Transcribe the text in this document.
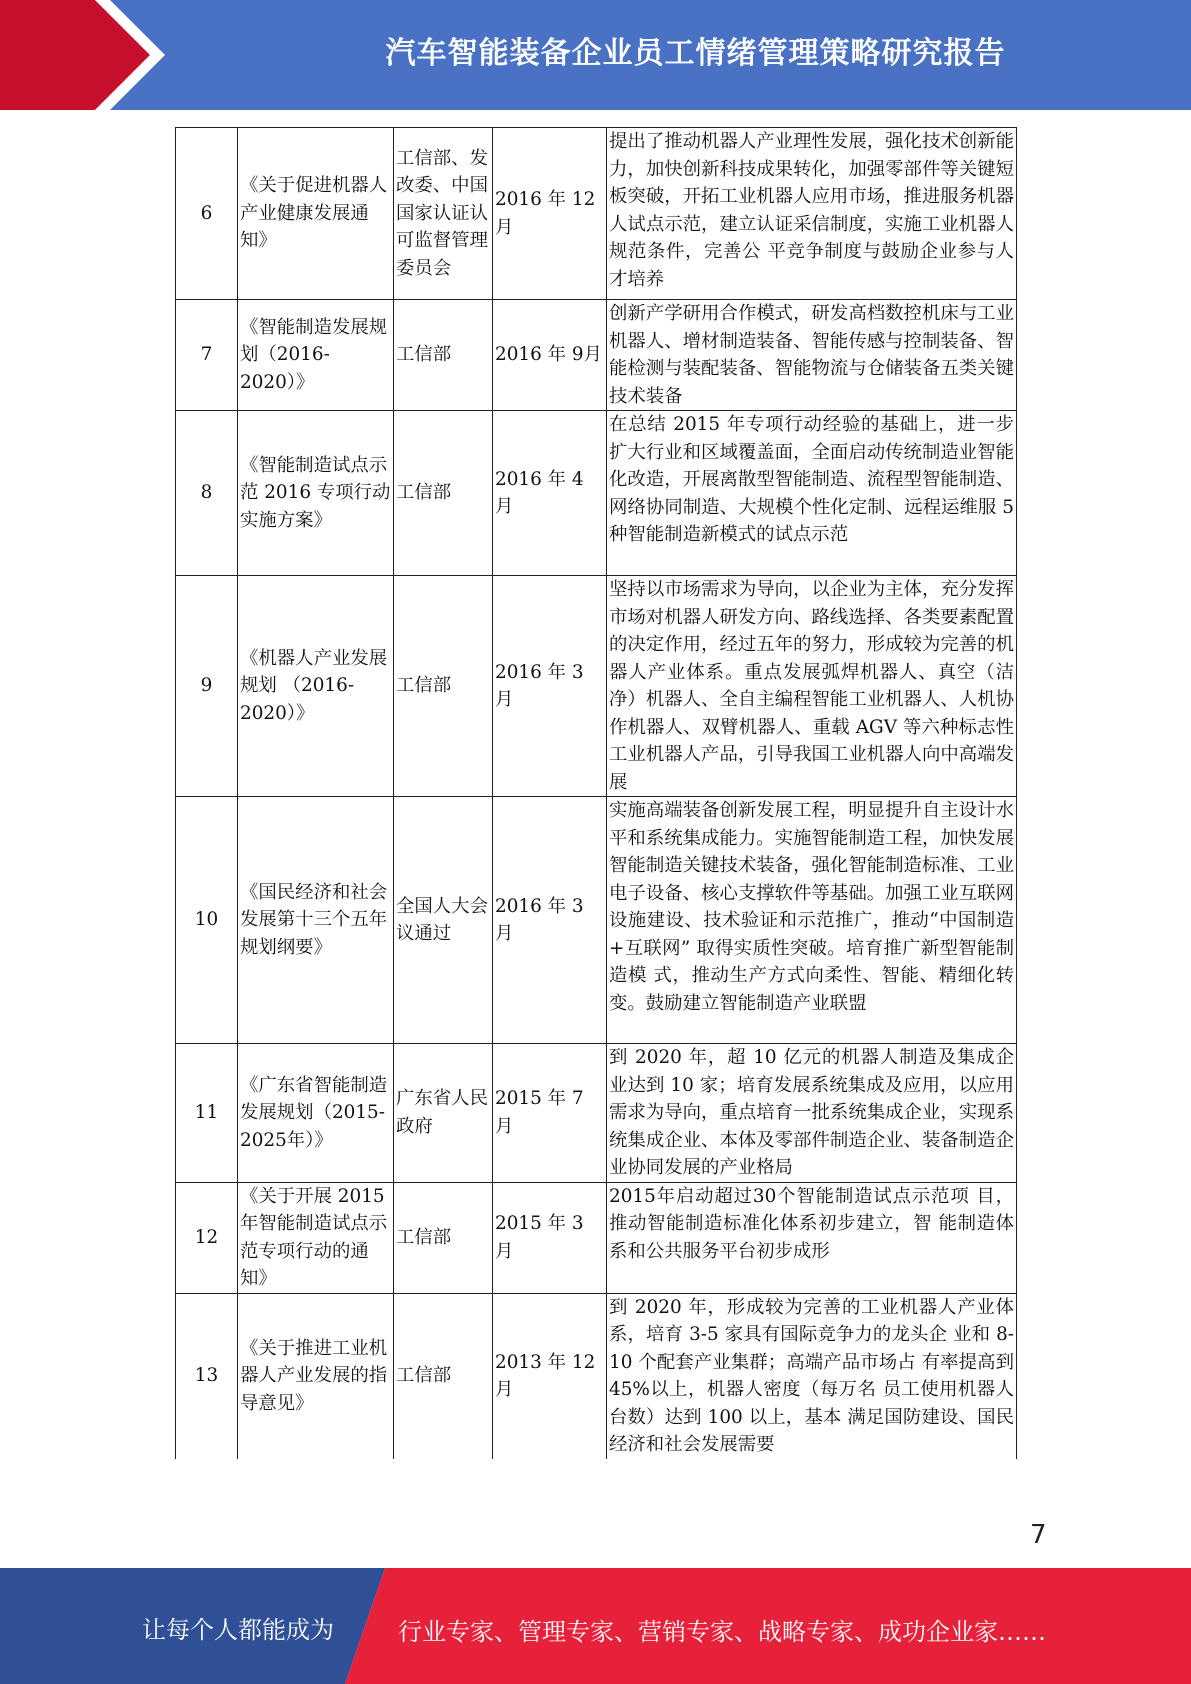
汽车智能装备企业员工情绪管理策略研究报告
6	《关于促进机器人产业健康发展通知》	工信部、发改委、中国国家认证认可监督管理委员会	2016 年 12 月	提出了推动机器人产业理性发展，强化技术创新能力，加快创新科技成果转化，加强零部件等关键短板突破，开拓工业机器人应用市场，推进服务机器人试点示范，建立认证采信制度，实施工业机器人规范条件，完善公 平竞争制度与鼓励企业参与人才培养
7	《智能制造发展规划（2016-2020）》	工信部	2016 年 9月	创新产学研用合作模式，研发高档数控机床与工业机器人、增材制造装备、智能传感与控制装备、智能检测与装配装备、智能物流与仓储装备五类关键技术装备
8	《智能制造试点示范 2016 专项行动实施方案》	工信部	2016 年 4 月	在总结 2015 年专项行动经验的基础上，进一步扩大行业和区域覆盖面，全面启动传统制造业智能化改造，开展离散型智能制造、流程型智能制造、网络协同制造、大规模个性化定制、远程运维服 5 种智能制造新模式的试点示范
9	《机器人产业发展规划 （2016-2020）》	工信部	2016 年 3 月	坚持以市场需求为导向，以企业为主体，充分发挥市场对机器人研发方向、路线选择、各类要素配置的决定作用，经过五年的努力，形成较为完善的机器人产业体系。重点发展弧焊机器人、真空（洁净）机器人、全自主编程智能工业机器人、人机协作机器人、双臂机器人、重载 AGV 等六种标志性工业机器人产品，引导我国工业机器人向中高端发展
10	《国民经济和社会发展第十三个五年规划纲要》	全国人大会议通过	2016 年 3 月	实施高端装备创新发展工程，明显提升自主设计水平和系统集成能力。实施智能制造工程，加快发展智能制造关键技术装备，强化智能制造标准、工业电子设备、核心支撑软件等基础。加强工业互联网设施建设、技术验证和示范推广，推动“中国制造+互联网” 取得实质性突破。培育推广新型智能制造模 式，推动生产方式向柔性、智能、精细化转 变。鼓励建立智能制造产业联盟
11	《广东省智能制造发展规划（2015-2025年）》	广东省人民政府	2015 年 7 月	到 2020 年，超 10 亿元的机器人制造及集成企业达到 10 家；培育发展系统集成及应用，以应用需求为导向，重点培育一批系统集成企业，实现系统集成企业、本体及零部件制造企业、装备制造企业协同发展的产业格局
12	《关于开展 2015 年智能制造试点示范专项行动的通知》	工信部	2015 年 3 月	2015年启动超过30个智能制造试点示范项 目，推动智能制造标准化体系初步建立，智 能制造体系和公共服务平台初步成形
13	《关于推进工业机器人产业发展的指导意见》	工信部	2013 年 12 月	到 2020 年，形成较为完善的工业机器人产业体系，培育 3-5 家具有国际竞争力的龙头企 业和 8-10 个配套产业集群；高端产品市场占 有率提高到 45%以上，机器人密度（每万名 员工使用机器人台数）达到 100 以上，基本 满足国防建设、国民经济和社会发展需要
7
让每个人都能成为	行业专家、管理专家、营销专家、战略专家、成功企业家……
